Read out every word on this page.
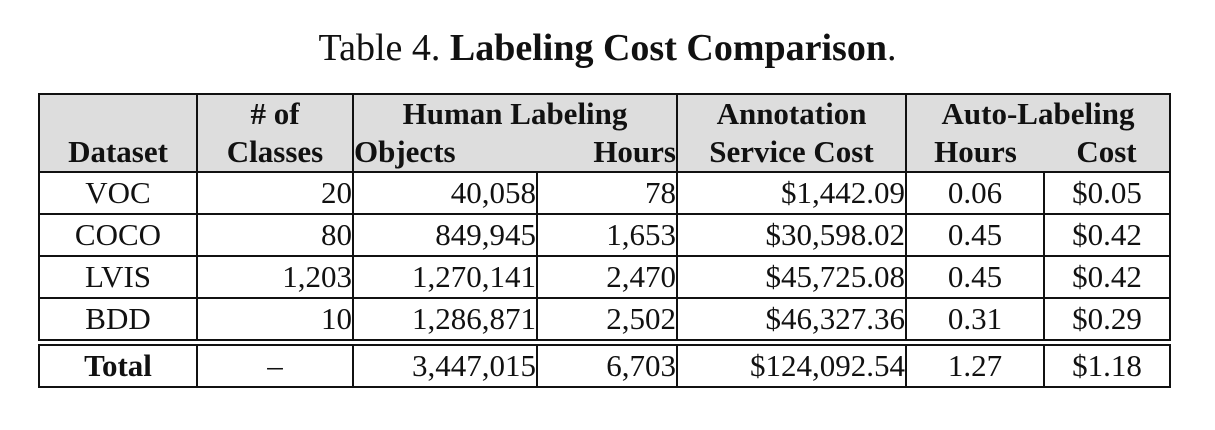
Table 4. Labeling Cost Comparison.
	# of	Human Labeling		Annotation	Auto-Labeling	
Dataset	Classes	Objects	Hours	Service Cost	Hours	Cost
VOC	20	40,058	78	$1,442.09	0.06	$0.05
COCO	80	849,945	1,653	$30,598.02	0.45	$0.42
LVIS	1,203	1,270,141	2,470	$45,725.08	0.45	$0.42
BDD	10	1,286,871	2,502	$46,327.36	0.31	$0.29
Total	–	3,447,015	6,703	$124,092.54	1.27	$1.18
